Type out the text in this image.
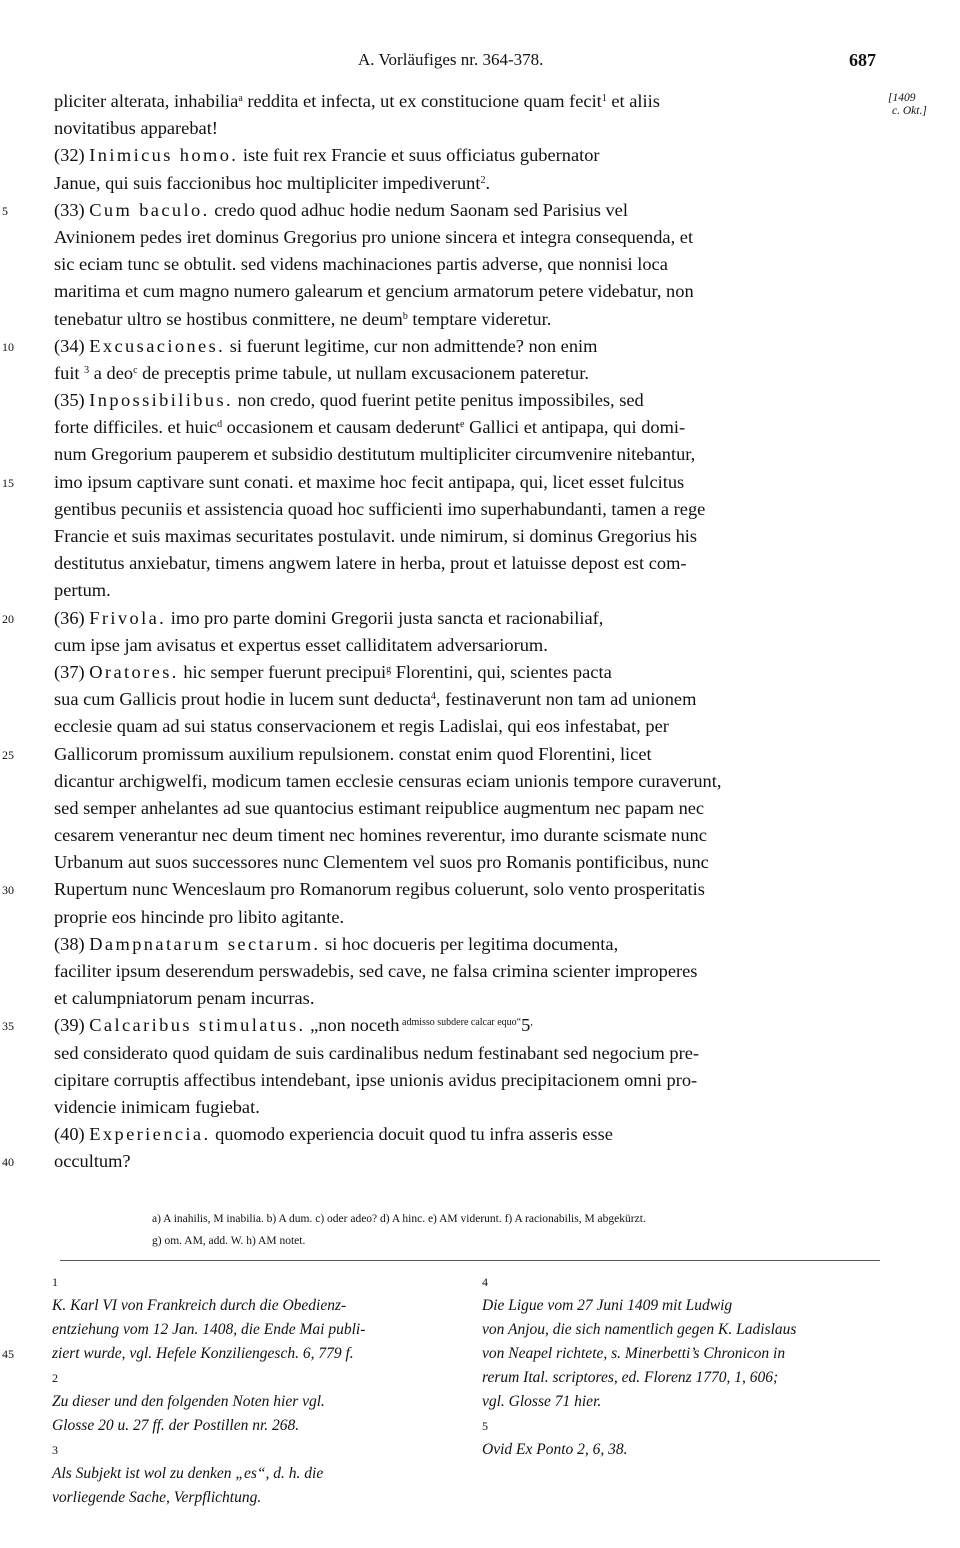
A. Vorläufiges nr. 364-378.	687
[1409
c. Okt.]
pliciter alterata, inhabilia$^a$ reddita et infecta, ut ex constitucione quam fecit$^1$ et aliis
novitatibus apparebat!
(32) Inimicus homo. iste fuit rex Francie et suus officiatus gubernator
Janue, qui suis faccionibus hoc multipliciter impediverunt$^2$.
5	(33) Cum baculo. credo quod adhuc hodie nedum Saonam sed Parisius vel
Avinionem pedes iret dominus Gregorius pro unione sincera et integra consequenda, et
sic eciam tunc se obtulit. sed videns machinaciones partis adverse, que nonnisi loca
maritima et cum magno numero galearum et gencium armatorum petere videbatur, non
tenebatur ultro se hostibus conmittere, ne deum$^b$ temptare videretur.
10	(34) Excusaciones. si fuerunt legitime, cur non admittende? non enim
fuit $^3$ a deo$^c$ de preceptis prime tabule, ut nullam excusacionem pateretur.
(35) Inpossibilibus. non credo, quod fuerint petite penitus impossibiles, sed
forte difficiles. et huic$^d$ occasionem et causam dederunt$^e$ Gallici et antipapa, qui domi-
num Gregorium pauperem et subsidio destitutum multipliciter circumvenire nitebantur,
15	imo ipsum captivare sunt conati. et maxime hoc fecit antipapa, qui, licet esset fulcitus
gentibus pecuniis et assistencia quoad hoc sufficienti imo superhabundanti, tamen a rege
Francie et suis maximas securitates postulavit. unde nimirum, si dominus Gregorius his
destitutus anxiebatur, timens angwem latere in herba, prout et latuisse depost est com-
pertum.
20	(36) Frivola. imo pro parte domini Gregorii justa sancta et racionabiliaf,
cum ipse jam avisatus et expertus esset calliditatem adversariorum.
(37) Oratores. hic semper fuerunt precipui$^g$ Florentini, qui, scientes pacta
sua cum Gallicis prout hodie in lucem sunt deducta$^4$, festinaverunt non tam ad unionem
ecclesie quam ad sui status conservacionem et regis Ladislai, qui eos infestabat, per
25	Gallicorum promissum auxilium repulsionem. constat enim quod Florentini, licet
dicantur archigwelfi, modicum tamen ecclesie censuras eciam unionis tempore curaverunt,
sed semper anhelantes ad sue quantocius estimant reipublice augmentum nec papam nec
cesarem venerantur nec deum timent nec homines reverentur, imo durante scismate nunc
Urbanum aut suos successores nunc Clementem vel suos pro Romanis pontificibus, nunc
30	Rupertum nunc Wenceslaum pro Romanorum regibus coluerunt, solo vento prosperitatis
proprie eos hincinde pro libito agitante.
(38) Dampnatarum sectarum. si hoc docueris per legitima documenta,
faciliter ipsum deserendum perswadebis, sed cave, ne falsa crimina scienter improperes
et calumpniatorum penam incurras.
35	(39) Calcaribus stimulatus. „non noceth $^{admisso subdere calcar equo“}$5,
sed considerato quod quidam de suis cardinalibus nedum festinabant sed negocium pre-
cipitare corruptis affectibus intendebant, ipse unionis avidus precipitacionem omni pro-
videncie inimicam fugiebat.
(40) Experiencia. quomodo experiencia docuit quod tu infra asseris esse
40	occultum?
a) A inahilis, M inabilia. b) A dum. c) oder adeo? d) A hinc. e) AM viderunt. f) A racionabilis, M abgekürzt.
g) om. AM, add. W. h) AM notet.
45
1
K. Karl VI von Frankreich durch die Obedienz-
entziehung vom 12 Jan. 1408, die Ende Mai publi-
ziert wurde, vgl. Hefele Konziliengesch. 6, 779 f.
2
Zu dieser und den folgenden Noten hier vgl.
Glosse 20 u. 27 ff. der Postillen nr. 268.
3
Als Subjekt ist wol zu denken „es“, d. h. die
vorliegende Sache, Verpflichtung.
4
Die Ligue vom 27 Juni 1409 mit Ludwig
von Anjou, die sich namentlich gegen K. Ladislaus
von Neapel richtete, s. Minerbetti’s Chronicon in
rerum Ital. scriptores, ed. Florenz 1770, 1, 606;
vgl. Glosse 71 hier.
5
Ovid Ex Ponto 2, 6, 38.
